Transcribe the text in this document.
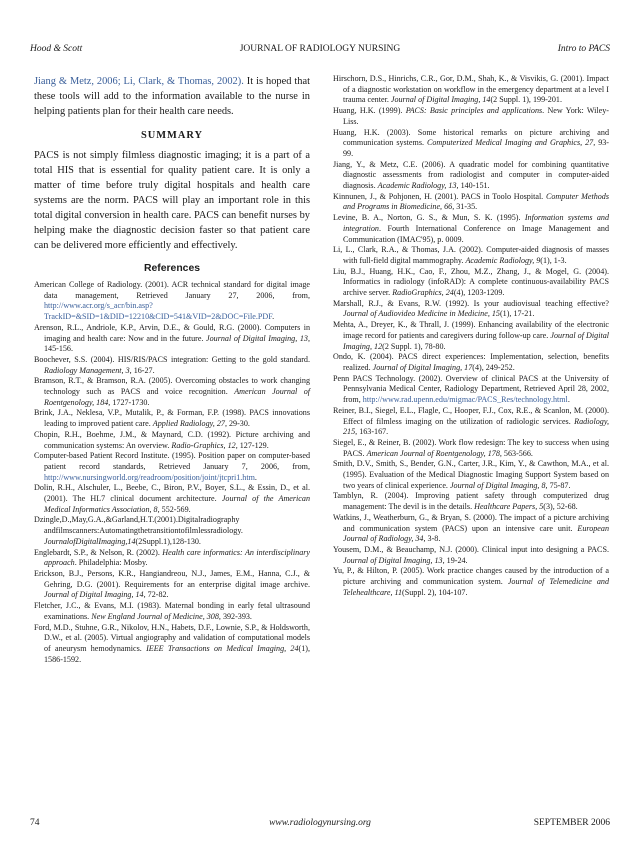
Hood & Scott	JOURNAL OF RADIOLOGY NURSING	Intro to PACS

Jiang & Metz, 2006; Li, Clark, & Thomas, 2002). It is hoped that these tools will add to the information available to the nurse in helping patients plan for their health care needs.

SUMMARY

PACS is not simply filmless diagnostic imaging; it is a part of a total HIS that is essential for quality patient care. It is only a matter of time before truly digital hospitals and health care systems are the norm. PACS will play an important role in this total digital conversion in health care. PACS can benefit nurses by helping make the diagnostic decision faster so that patient care can be delivered more efficiently and effectively.

References

American College of Radiology. (2001). ACR technical standard for digital image data management, Retrieved January 27, 2006, from, http://www.acr.org/s_acr/bin.asp?TrackID=&SID=1&DID=12210&CID=541&VID=2&DOC=File.PDF.

Arenson, R.L., Andriole, K.P., Arvin, D.E., & Gould, R.G. (2000). Computers in imaging and health care: Now and in the future. Journal of Digital Imaging, 13, 145-156.

Boochever, S.S. (2004). HIS/RIS/PACS integration: Getting to the gold standard. Radiology Management, 3, 16-27.

Bramson, R.T., & Bramson, R.A. (2005). Overcoming obstacles to work changing technology such as PACS and voice recognition. American Journal of Roentgenology, 184, 1727-1730.

Brink, J.A., Neklesa, V.P., Mutalik, P., & Forman, F.P. (1998). PACS innovations leading to improved patient care. Applied Radiology, 27, 29-30.

Chopin, R.H., Boehme, J.M., & Maynard, C.D. (1992). Picture archiving and communication systems: An overview. Radio-Graphics, 12, 127-129.

Computer-based Patient Record Institute. (1995). Position paper on computer-based patient record standards, Retrieved January 7, 2006, from, http://www.nursingworld.org/readroom/position/joint/jtcpri1.htm.

Dolin, R.H., Alschuler, L., Beebe, C., Biron, P.V., Boyer, S.L., & Essin, D., et al. (2001). The HL7 clinical document architecture. Journal of the American Medical Informatics Association, 8, 552-569.

Dzingle,D.,May,G.A.,&Garland,H.T.(2001).Digitalradiography andfilmscanners:Automatingthetransitiontofilmlessradiology. JournalofDigitalImaging,14(2Suppl.1),128-130.

Englebardt, S.P., & Nelson, R. (2002). Health care informatics: An interdisciplinary approach. Philadelphia: Mosby.

Erickson, B.J., Persons, K.R., Hangiandreou, N.J., James, E.M., Hanna, C.J., & Gehring, D.G. (2001). Requirements for an enterprise digital image archive. Journal of Digital Imaging, 14, 72-82.

Fletcher, J.C., & Evans, M.I. (1983). Maternal bonding in early fetal ultrasound examinations. New England Journal of Medicine, 308, 392-393.

Ford, M.D., Stuhne, G.R., Nikolov, H.N., Habets, D.F., Lownie, S.P., & Holdsworth, D.W., et al. (2005). Virtual angiography and validation of computational models of aneurysm hemodynamics. IEEE Transactions on Medical Imaging, 24(1), 1586-1592.

Hirschorn, D.S., Hinrichs, C.R., Gor, D.M., Shah, K., & Visvikis, G. (2001). Impact of a diagnostic workstation on workflow in the emergency department at a level I trauma center. Journal of Digital Imaging, 14(2 Suppl. 1), 199-201.

Huang, H.K. (1999). PACS: Basic principles and applications. New York: Wiley-Liss.

Huang, H.K. (2003). Some historical remarks on picture archiving and communication systems. Computerized Medical Imaging and Graphics, 27, 93-99.

Jiang, Y., & Metz, C.E. (2006). A quadratic model for combining quantitative diagnostic assessments from radiologist and computer in computer-aided diagnosis. Academic Radiology, 13, 140-151.

Kinnunen, J., & Pohjonen, H. (2001). PACS in Toolo Hospital. Computer Methods and Programs in Biomedicine, 66, 31-35.

Levine, B. A., Norton, G. S., & Mun, S. K. (1995). Information systems and integration. Fourth International Conference on Image Management and Communication (IMAC'95), p. 0009.

Li, L., Clark, R.A., & Thomas, J.A. (2002). Computer-aided diagnosis of masses with full-field digital mammography. Academic Radiology, 9(1), 1-3.

Liu, B.J., Huang, H.K., Cao, F., Zhou, M.Z., Zhang, J., & Mogel, G. (2004). Informatics in radiology (infoRAD): A complete continuous-availability PACS archive server. RadioGraphics, 24(4), 1203-1209.

Marshall, R.J., & Evans, R.W. (1992). Is your audiovisual teaching effective? Journal of Audiovideo Medicine in Medicine, 15(1), 17-21.

Mehta, A., Dreyer, K., & Thrall, J. (1999). Enhancing availability of the electronic image record for patients and caregivers during follow-up care. Journal of Digital Imaging, 12(2 Suppl. 1), 78-80.

Ondo, K. (2004). PACS direct experiences: Implementation, selection, benefits realized. Journal of Digital Imaging, 17(4), 249-252.

Penn PACS Technology. (2002). Overview of clinical PACS at the University of Pennsylvania Medical Center, Radiology Department, Retrieved April 28, 2002, from, http://www.rad.upenn.edu/migmac/PACS_Res/technology.html.

Reiner, B.I., Siegel, E.L., Flagle, C., Hooper, F.J., Cox, R.E., & Scanlon, M. (2000). Effect of filmless imaging on the utilization of radiologic services. Radiology, 215, 163-167.

Siegel, E., & Reiner, B. (2002). Work flow redesign: The key to success when using PACS. American Journal of Roentgenology, 178, 563-566.

Smith, D.V., Smith, S., Bender, G.N., Carter, J.R., Kim, Y., & Cawthon, M.A., et al. (1995). Evaluation of the Medical Diagnostic Imaging Support System based on two years of clinical experience. Journal of Digital Imaging, 8, 75-87.

Tamblyn, R. (2004). Improving patient safety through computerized drug management: The devil is in the details. Healthcare Papers, 5(3), 52-68.

Watkins, J., Weatherburn, G., & Bryan, S. (2000). The impact of a picture archiving and communication system (PACS) upon an intensive care unit. European Journal of Radiology, 34, 3-8.

Yousem, D.M., & Beauchamp, N.J. (2000). Clinical input into designing a PACS. Journal of Digital Imaging, 13, 19-24.

Yu, P., & Hilton, P. (2005). Work practice changes caused by the introduction of a picture archiving and communication system. Journal of Telemedicine and Telehealthcare, 11(Suppl. 2), 104-107.

74	www.radiologynursing.org	SEPTEMBER 2006
